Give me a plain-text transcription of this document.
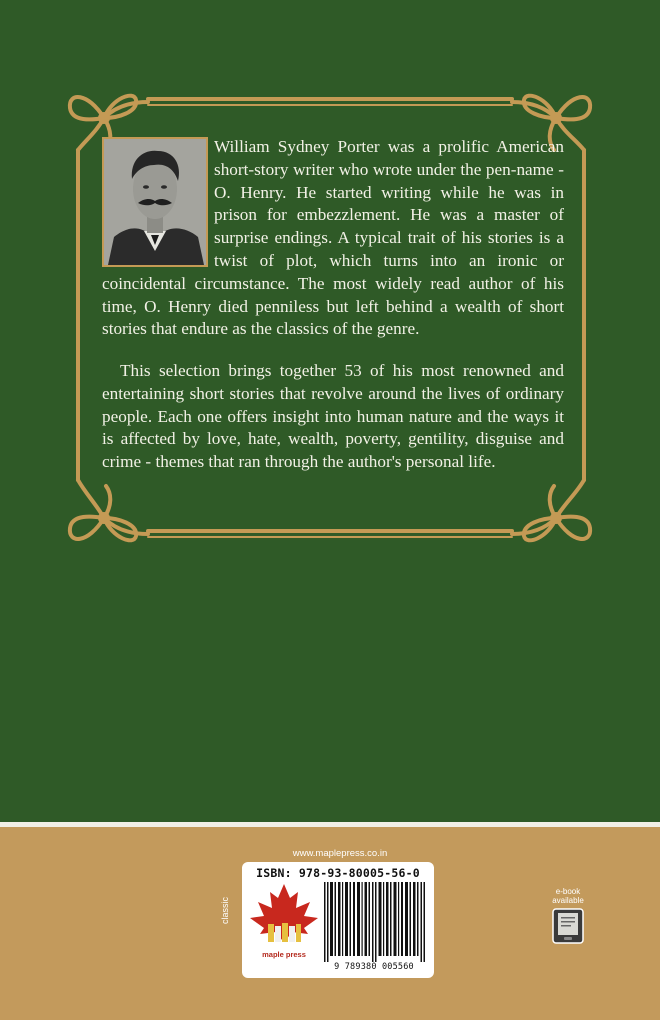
William Sydney Porter was a prolific American short-story writer who wrote under the pen-name - O. Henry. He started writing while he was in prison for embezzlement. He was a master of surprise endings. A typical trait of his stories is a twist of plot, which turns into an ironic or coincidental circumstance. The most widely read author of his time, O. Henry died penniless but left behind a wealth of short stories that endure as the classics of the genre.
This selection brings together 53 of his most renowned and entertaining short stories that revolve around the lives of ordinary people. Each one offers insight into human nature and the ways it is affected by love, hate, wealth, poverty, gentility, disguise and crime - themes that ran through the author's personal life.
www.maplepress.co.in
classic
ISBN: 978-93-80005-56-0
maple press
9 789380 005560
e-book available
